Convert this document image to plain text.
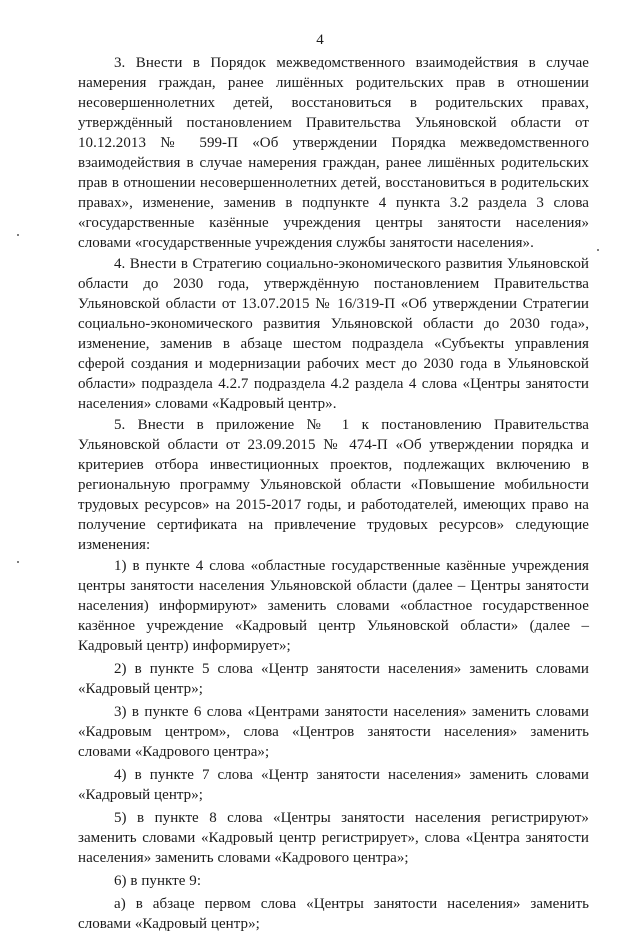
4

3. Внести в Порядок межведомственного взаимодействия в случае намерения граждан, ранее лишённых родительских прав в отношении несовершеннолетних детей, восстановиться в родительских правах, утверждённый постановлением Правительства Ульяновской области от 10.12.2013 № 599-П «Об утверждении Порядка межведомственного взаимодействия в случае намерения граждан, ранее лишённых родительских прав в отношении несовершеннолетних детей, восстановиться в родительских правах», изменение, заменив в подпункте 4 пункта 3.2 раздела 3 слова «государственные казённые учреждения центры занятости населения» словами «государственные учреждения службы занятости населения».

4. Внести в Стратегию социально-экономического развития Ульяновской области до 2030 года, утверждённую постановлением Правительства Ульяновской области от 13.07.2015 № 16/319-П «Об утверждении Стратегии социально-экономического развития Ульяновской области до 2030 года», изменение, заменив в абзаце шестом подраздела «Субъекты управления сферой создания и модернизации рабочих мест до 2030 года в Ульяновской области» подраздела 4.2.7 подраздела 4.2 раздела 4 слова «Центры занятости населения» словами «Кадровый центр».

5. Внести в приложение № 1 к постановлению Правительства Ульяновской области от 23.09.2015 № 474-П «Об утверждении порядка и критериев отбора инвестиционных проектов, подлежащих включению в региональную программу Ульяновской области «Повышение мобильности трудовых ресурсов» на 2015-2017 годы, и работодателей, имеющих право на получение сертификата на привлечение трудовых ресурсов» следующие изменения:

1) в пункте 4 слова «областные государственные казённые учреждения центры занятости населения Ульяновской области (далее – Центры занятости населения) информируют» заменить словами «областное государственное казённое учреждение «Кадровый центр Ульяновской области» (далее – Кадровый центр) информирует»;

2) в пункте 5 слова «Центр занятости населения» заменить словами «Кадровый центр»;

3) в пункте 6 слова «Центрами занятости населения» заменить словами «Кадровым центром», слова «Центров занятости населения» заменить словами «Кадрового центра»;

4) в пункте 7 слова «Центр занятости населения» заменить словами «Кадровый центр»;

5) в пункте 8 слова «Центры занятости населения регистрируют» заменить словами «Кадровый центр регистрирует», слова «Центра занятости населения» заменить словами «Кадрового центра»;

6) в пункте 9:

а) в абзаце первом слова «Центры занятости населения» заменить словами «Кадровый центр»;
